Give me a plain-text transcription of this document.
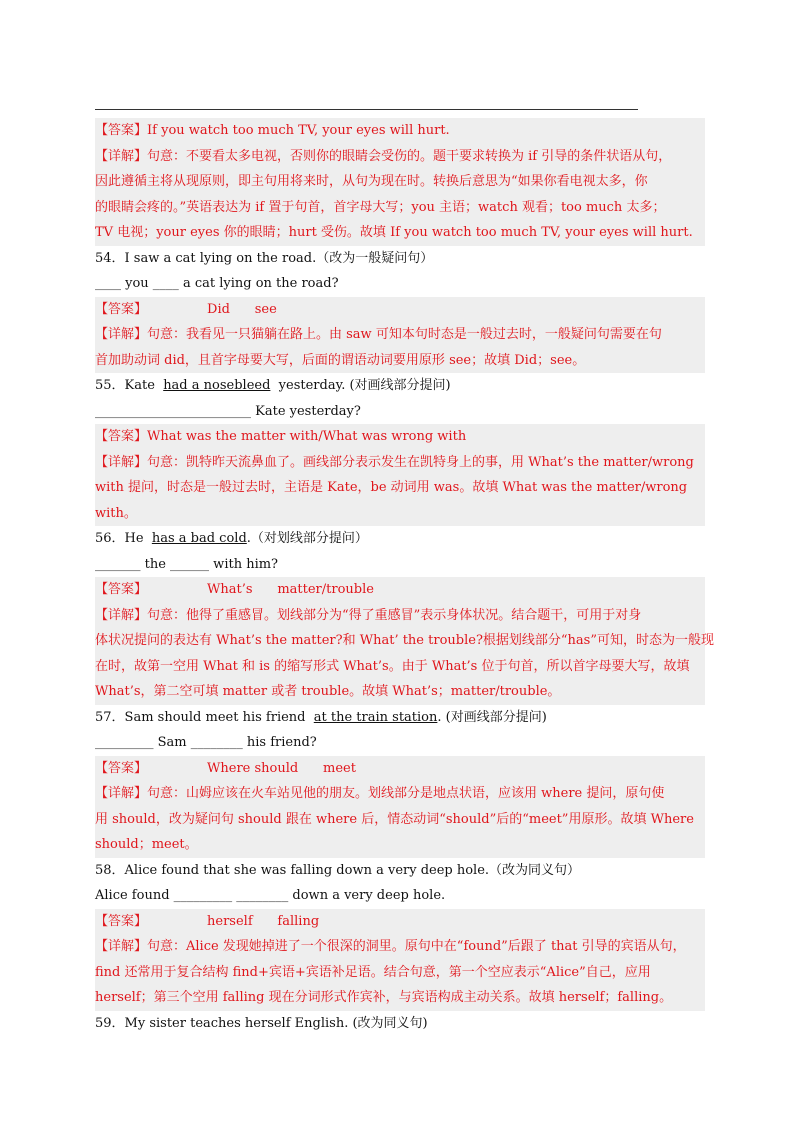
【答案】If you watch too much TV, your eyes will hurt.
【详解】句意：不要看太多电视，否则你的眼睛会受伤的。题干要求转换为 if 引导的条件状语从句，
因此遵循主将从现原则，即主句用将来时，从句为现在时。转换后意思为“如果你看电视太多，你
的眼睛会疼的。”英语表达为 if 置于句首，首字母大写；you 主语；watch 观看；too much 太多；
TV 电视；your eyes 你的眼睛；hurt 受伤。故填 If you watch too much TV, your eyes will hurt.
54．I saw a cat lying on the road.（改为一般疑问句）
____ you ____ a cat lying on the road?
【答案】	Did      see
【详解】句意：我看见一只猫躺在路上。由 saw 可知本句时态是一般过去时，一般疑问句需要在句
首加助动词 did，且首字母要大写，后面的谓语动词要用原形 see；故填 Did；see。
55．Kate  had a nosebleed  yesterday. (对画线部分提问)
________________________ Kate yesterday?
【答案】What was the matter with/What was wrong with
【详解】句意：凯特昨天流鼻血了。画线部分表示发生在凯特身上的事，用 What’s the matter/wrong
with 提问，时态是一般过去时，主语是 Kate，be 动词用 was。故填 What was the matter/wrong
with。
56．He  has a bad cold.（对划线部分提问）
_______ the ______ with him?
【答案】	What’s      matter/trouble
【详解】句意：他得了重感冒。划线部分为“得了重感冒”表示身体状况。结合题干，可用于对身
体状况提问的表达有 What’s the matter?和 What’ the trouble?根据划线部分“has”可知，时态为一般现
在时，故第一空用 What 和 is 的缩写形式 What’s。由于 What’s 位于句首，所以首字母要大写，故填
What’s，第二空可填 matter 或者 trouble。故填 What’s；matter/trouble。
57．Sam should meet his friend  at the train station. (对画线部分提问)
_________ Sam ________ his friend?
【答案】	Where should      meet
【详解】句意：山姆应该在火车站见他的朋友。划线部分是地点状语，应该用 where 提问，原句使
用 should，改为疑问句 should 跟在 where 后，情态动词“should”后的“meet”用原形。故填 Where
should；meet。
58．Alice found that she was falling down a very deep hole.（改为同义句）
Alice found _________ ________ down a very deep hole.
【答案】	herself      falling
【详解】句意：Alice 发现她掉进了一个很深的洞里。原句中在“found”后跟了 that 引导的宾语从句，
find 还常用于复合结构 find+宾语+宾语补足语。结合句意，第一个空应表示“Alice”自己，应用
herself；第三个空用 falling 现在分词形式作宾补，与宾语构成主动关系。故填 herself；falling。
59．My sister teaches herself English. (改为同义句)
